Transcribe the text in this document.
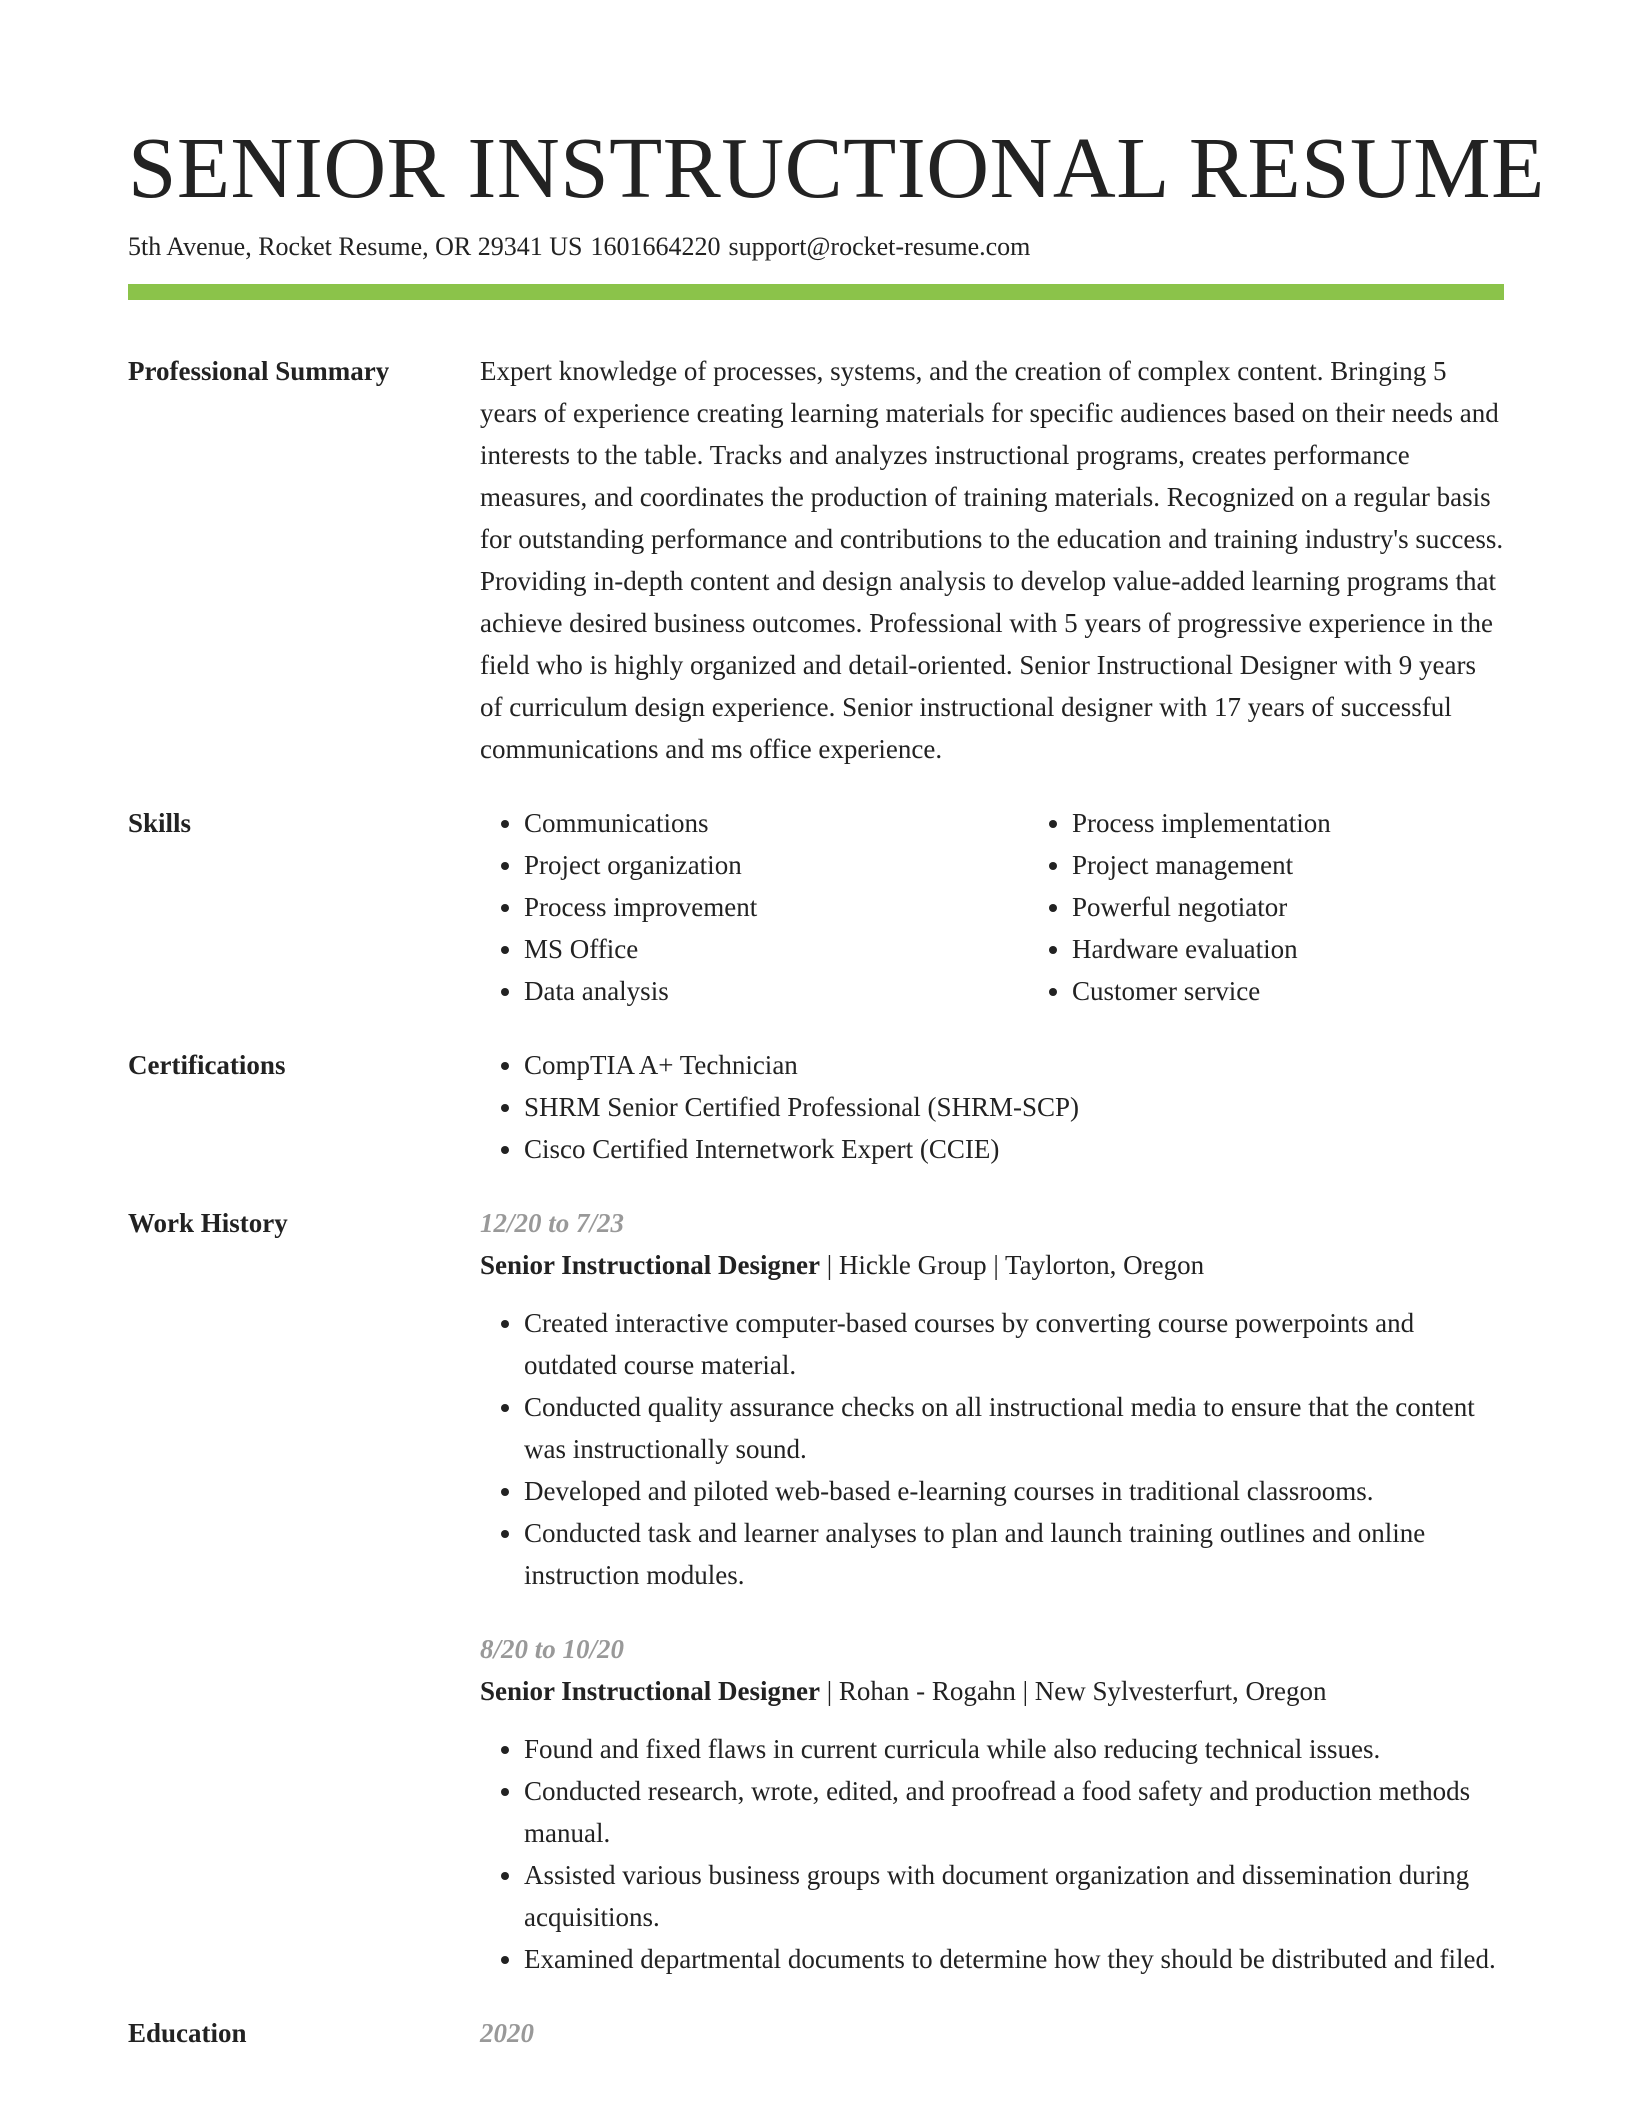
SENIOR INSTRUCTIONAL RESUME
5th Avenue, Rocket Resume, OR 29341 US 1601664220 support@rocket-resume.com
Professional Summary	Expert knowledge of processes, systems, and the creation of complex content. Bringing 5 years of experience creating learning materials for specific audiences based on their needs and interests to the table. Tracks and analyzes instructional programs, creates performance measures, and coordinates the production of training materials. Recognized on a regular basis for outstanding performance and contributions to the education and training industry's success. Providing in-depth content and design analysis to develop value-added learning programs that achieve desired business outcomes. Professional with 5 years of progressive experience in the field who is highly organized and detail-oriented. Senior Instructional Designer with 9 years of curriculum design experience. Senior instructional designer with 17 years of successful communications and ms office experience.

Skills	• Communications
• Project organization
• Process improvement
• MS Office
• Data analysis
• Process implementation
• Project management
• Powerful negotiator
• Hardware evaluation
• Customer service
Certifications	• CompTIA A+ Technician
• SHRM Senior Certified Professional (SHRM-SCP)
• Cisco Certified Internetwork Expert (CCIE)
Work History	12/20 to 7/23
Senior Instructional Designer | Hickle Group | Taylorton, Oregon
• Created interactive computer-based courses by converting course powerpoints and outdated course material.
• Conducted quality assurance checks on all instructional media to ensure that the content was instructionally sound.
• Developed and piloted web-based e-learning courses in traditional classrooms.
• Conducted task and learner analyses to plan and launch training outlines and online instruction modules.
8/20 to 10/20
Senior Instructional Designer | Rohan - Rogahn | New Sylvesterfurt, Oregon
• Found and fixed flaws in current curricula while also reducing technical issues.
• Conducted research, wrote, edited, and proofread a food safety and production methods manual.
• Assisted various business groups with document organization and dissemination during acquisitions.
• Examined departmental documents to determine how they should be distributed and filed.
Education	2020
